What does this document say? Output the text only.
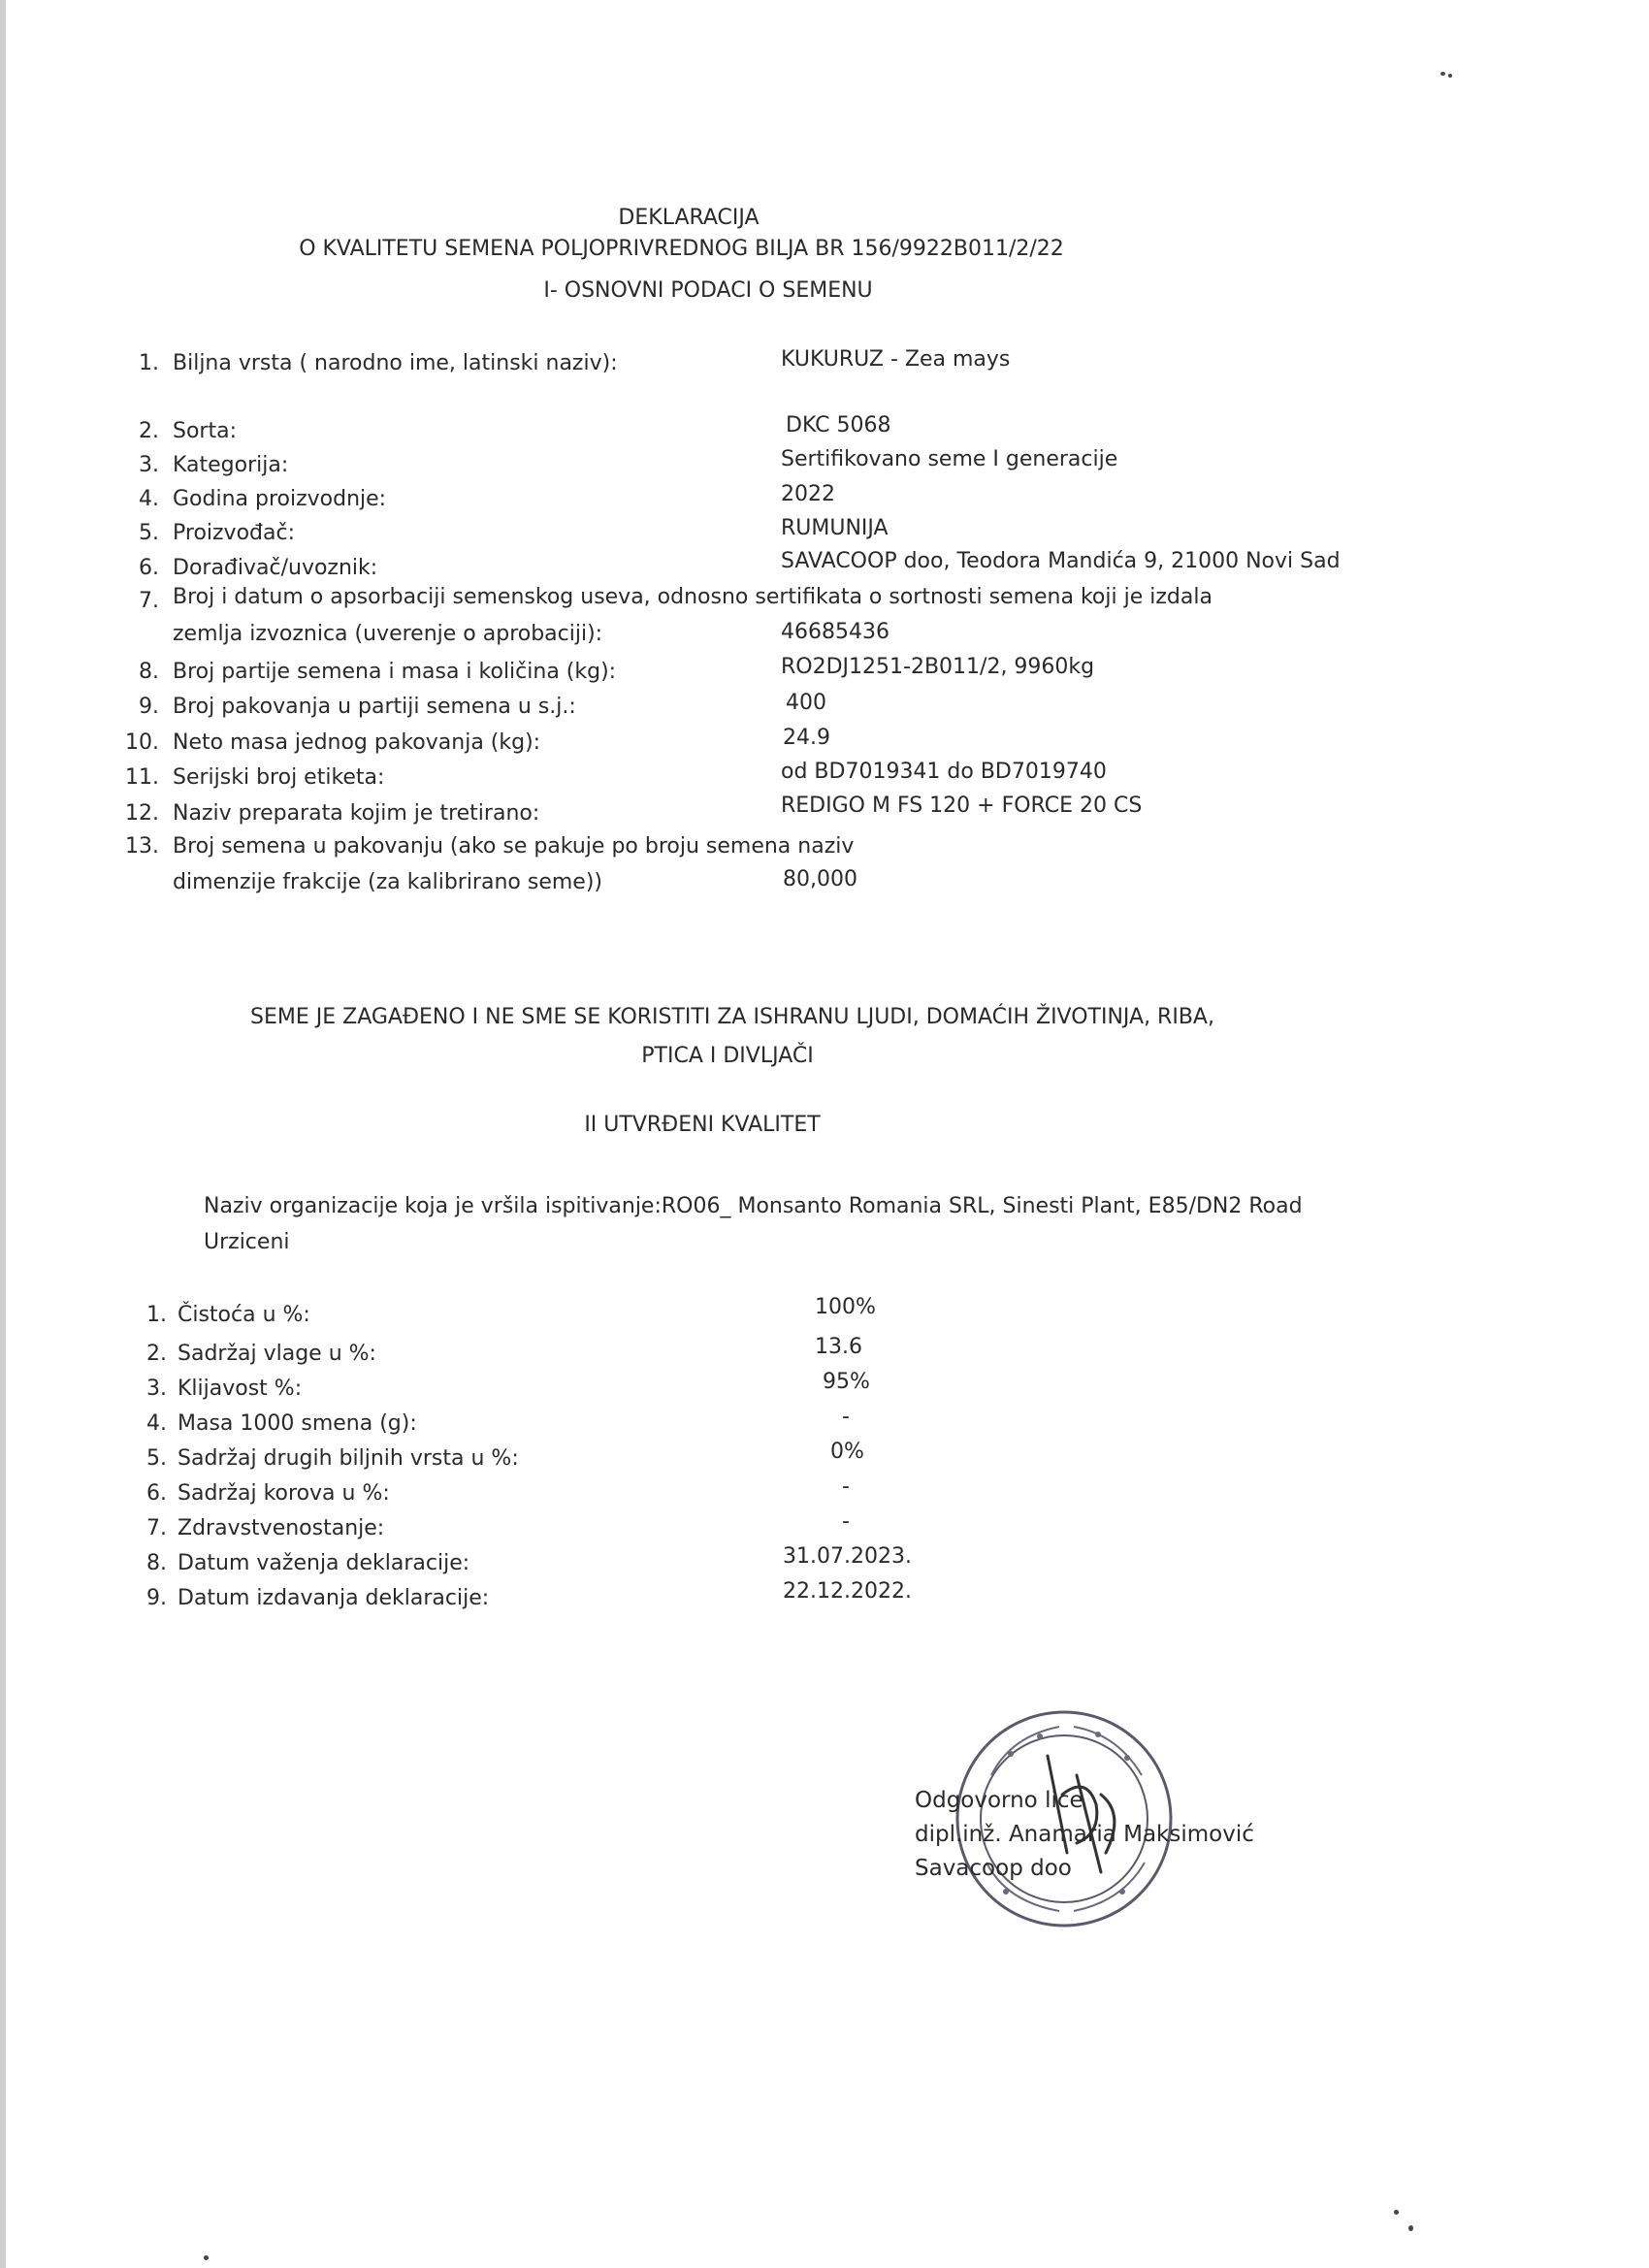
DEKLARACIJA
O KVALITETU SEMENA POLJOPRIVREDNOG BILJA BR 156/9922B011/2/22
I- OSNOVNI PODACI O SEMENU
1. Biljna vrsta ( narodno ime, latinski naziv):	KUKURUZ - Zea mays
2. Sorta:	DKC 5068
3. Kategorija:	Sertifikovano seme I generacije
4. Godina proizvodnje:	2022
5. Proizvođač:	RUMUNIJA
6. Dorađivač/uvoznik:	SAVACOOP doo, Teodora Mandića 9, 21000 Novi Sad
7. Broj i datum o apsorbaciji semenskog useva, odnosno sertifikata o sortnosti semena koji je izdala
zemlja izvoznica (uverenje o aprobaciji):	46685436
8. Broj partije semena i masa i količina (kg):	RO2DJ1251-2B011/2, 9960kg
9. Broj pakovanja u partiji semena u s.j.:	400
10. Neto masa jednog pakovanja (kg):	24.9
11. Serijski broj etiketa:	od BD7019341 do BD7019740
12. Naziv preparata kojim je tretirano:	REDIGO M FS 120 + FORCE 20 CS
13. Broj semena u pakovanju (ako se pakuje po broju semena naziv
dimenzije frakcije (za kalibrirano seme))	80,000
SEME JE ZAGAĐENO I NE SME SE KORISTITI ZA ISHRANU LJUDI, DOMAĆIH ŽIVOTINJA, RIBA,
PTICA I DIVLJAČI
II UTVRĐENI KVALITET
Naziv organizacije koja je vršila ispitivanje:RO06_ Monsanto Romania SRL, Sinesti Plant, E85/DN2 Road
Urziceni
1. Čistoća u %:	100%
2. Sadržaj vlage u %:	13.6
3. Klijavost %:	95%
4. Masa 1000 smena (g):	-
5. Sadržaj drugih biljnih vrsta u %:	0%
6. Sadržaj korova u %:	-
7. Zdravstvenostanje:	-
8. Datum važenja deklaracije:	31.07.2023.
9. Datum izdavanja deklaracije:	22.12.2022.
Odgovorno lice
dipl.inž. Anamaria Maksimović
Savacoop doo
